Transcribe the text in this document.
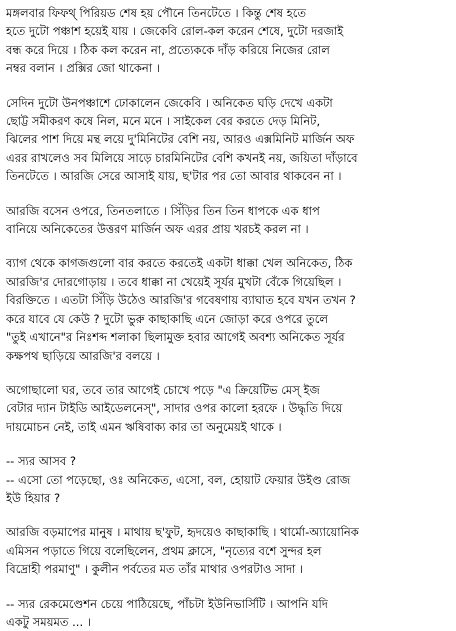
মঙ্গলবার ফিফথ্ পিরিয়ড শেষ হয় পৌনে তিনটেতে । কিন্তু শেষ হতে
হতে দুটো পঞ্চাশ হয়েই যায় । জেকেবি রোল-কল করেন শেষে, দুটো দরজাই
বন্ধ করে দিয়ে । ঠিক কল করেন না, প্রত্যেককে দাঁড় করিয়ে নিজের রোল
নম্বর বলান । প্রক্সির জো থাকেনা ।
সেদিন দুটো উনপঞ্চাশে ঢোকালেন জেকেবি । অনিকেত ঘড়ি দেখে একটা
ছোট্ট সমীকরণ কষে নিল, মনে মনে । সাইকেল বের করতে দেড় মিনিট,
ঝিলের পাশ দিয়ে মন্থ লয়ে দু'মিনিটের বেশি নয়, আরও এক্সমিনিট মার্জিন অফ
এরর রাখলেও সব মিলিয়ে সাড়ে চারমিনিটের বেশি কখনই নয়, জয়িতা দাঁড়াবে
তিনটেতে । আরজি সেরে আসাই যায়, ছ'টার পর তো আবার থাকবেন না ।
আরজি বসেন ওপরে, তিনতলাতে । সিঁড়ির তিন তিন ধাপকে এক ধাপ
বানিয়ে অনিকেতের উত্তরণ মার্জিন অফ এরর প্রায় খরচই করল না ।
ব্যাগ থেকে কাগজগুলো বার করতে করতেই একটা ধাক্কা খেল অনিকেত, ঠিক
আরজি'র দোরগোড়ায় । তবে ধাক্কা না খেয়েই সূর্যর মুখটা বেঁকে গিয়েছিল ।
বিরক্তিতে । এতটা সিঁড়ি উঠেও আরজি'র গবেষণায় ব্যাঘাত হবে যখন তখন ?
করে যাবে যে কেউ ? দুটো ভুরু কাছাকাছি এনে জোড়া করে ওপরে তুলে
"তুই এখানে"র নিঃশব্দ শলাকা ছিলামুক্ত হবার আগেই অবশ্য অনিকেত সূর্যর
কক্ষপথ ছাড়িয়ে আরজি'র বলয়ে ।
অগোছালো ঘর, তবে তার আগেই চোখে পড়ে "এ ক্রিয়েটিভ মেস্ ইজ
বেটার দ্যান টাইডি আইডেলনেস্", সাদার ওপর কালো হরফে । উদ্ধৃতি দিয়ে
দায়মোচন নেই, তাই এমন ঋষিবাক্য কার তা অনুমেয়ই থাকে ।
-- স্যর আসব ?
-- এসো তো পড়েছো, ওঃ অনিকেত, এসো, বল, হোয়াট ফেয়ার উইণ্ড রোজ
ইউ হিয়ার ?
আরজি বড়মাপের মানুষ । মাথায় ছ'ফুট, হৃদয়েও কাছাকাছি । থার্মো-অ্যায়োনিক
এমিসন পড়াতে গিয়ে বলেছিলেন, প্রথম ক্লাসে, "নৃত্যের বশে সুন্দর হল
বিদ্রোহী পরমাণু" । কুলীন পর্বতের মত তাঁর মাথার ওপরটাও সাদা ।
-- স্যর রেকমেণ্ডেশন চেয়ে পাঠিয়েছে, পাঁচটা ইউনিভার্সিটি । আপনি যদি
একটু সময়মত ... ।
